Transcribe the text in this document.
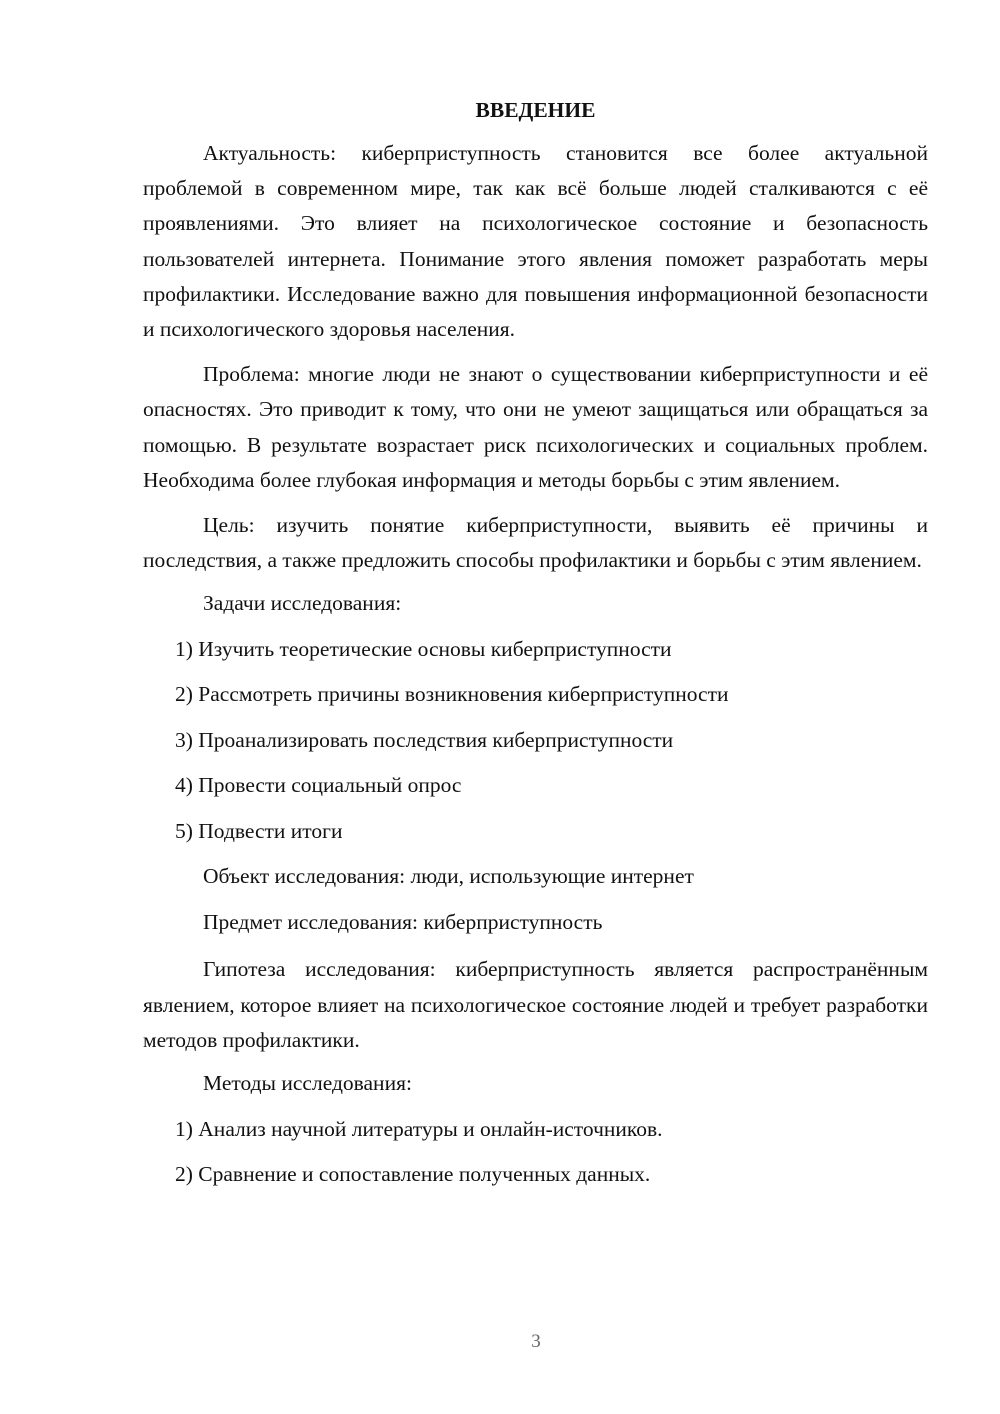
ВВЕДЕНИЕ

Актуальность: киберприступность становится все более актуальной проблемой в современном мире, так как всё больше людей сталкиваются с её проявлениями. Это влияет на психологическое состояние и безопасность пользователей интернета. Понимание этого явления поможет разработать меры профилактики. Исследование важно для повышения информационной безопасности и психологического здоровья населения.

Проблема: многие люди не знают о существовании киберприступности и её опасностях. Это приводит к тому, что они не умеют защищаться или обращаться за помощью. В результате возрастает риск психологических и социальных проблем. Необходима более глубокая информация и методы борьбы с этим явлением.

Цель: изучить понятие киберприступности, выявить её причины и последствия, а также предложить способы профилактики и борьбы с этим явлением.

Задачи исследования:
1) Изучить теоретические основы киберприступности
2) Рассмотреть причины возникновения киберприступности
3) Проанализировать последствия киберприступности
4) Провести социальный опрос
5) Подвести итоги
Объект исследования: люди, использующие интернет
Предмет исследования: киберприступность

Гипотеза исследования: киберприступность является распространённым явлением, которое влияет на психологическое состояние людей и требует разработки методов профилактики.

Методы исследования:
1) Анализ научной литературы и онлайн-источников.
2) Сравнение и сопоставление полученных данных.
3
